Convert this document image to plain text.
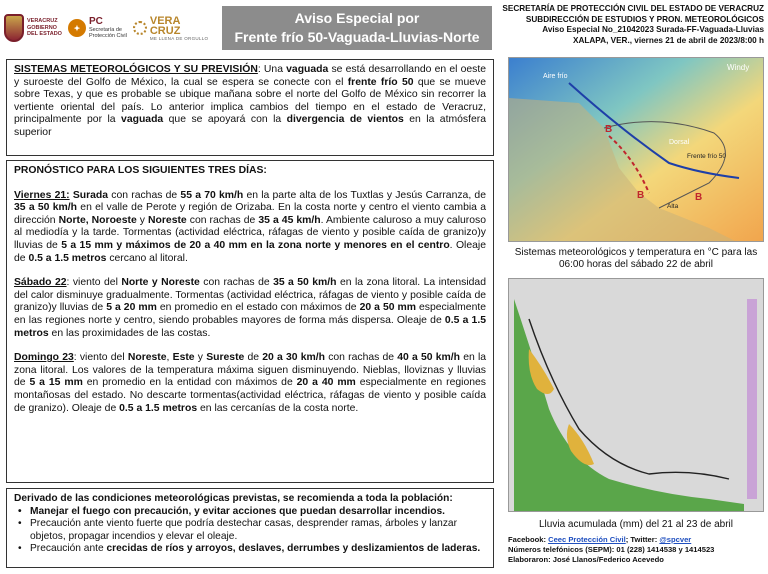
VERACRUZ
GOBIERNO
DEL ESTADO
✦
PC
Secretaría de
Protección Civil
VERA
CRUZ
ME LLENA DE ORGULLO
Aviso Especial por
Frente frío 50-Vaguada-Lluvias-Norte
SECRETARÍA DE PROTECCIÓN CIVIL DEL ESTADO DE VERACRUZ
SUBDIRECCIÓN DE ESTUDIOS Y PRON. METEOROLÓGICOS
Aviso Especial No_21042023 Surada-FF-Vaguada-Lluvias
XALAPA, VER., viernes 21 de abril de 2023/8:00 h
SISTEMAS METEOROLÓGICOS Y SU PREVISIÓN: Una vaguada se está desarrollando en el oeste y suroeste del Golfo de México, la cual se espera se conecte con el frente frío 50 que se mueve sobre Texas, y que es probable se ubique mañana sobre el norte del Golfo de México sin recorrer la vertiente oriental del país. Lo anterior implica cambios del tiempo en el estado de Veracruz, principalmente por la vaguada que se apoyará con la divergencia de vientos en la atmósfera superior
PRONÓSTICO PARA LOS SIGUIENTES TRES DÍAS:
Viernes 21: Surada con rachas de 55 a 70 km/h en la parte alta de los Tuxtlas y Jesús Carranza, de 35 a 50 km/h en el valle de Perote y región de Orizaba. En la costa norte y centro el viento cambia a dirección Norte, Noroeste y Noreste con rachas de 35 a 45 km/h. Ambiente caluroso a muy caluroso al mediodía y la tarde. Tormentas (actividad eléctrica, ráfagas de viento y posible caída de granizo)y lluvias de 5 a 15 mm y máximos de 20 a 40 mm en la zona norte y menores en el centro. Oleaje de 0.5 a 1.5 metros cercano al litoral.
Sábado 22: viento del Norte y Noreste con rachas de 35 a 50 km/h en la zona litoral. La intensidad del calor disminuye gradualmente. Tormentas (actividad eléctrica, ráfagas de viento y posible caída de granizo)y lluvias de 5 a 20 mm en promedio en el estado con máximos de 20 a 50 mm especialmente en las regiones norte y centro, siendo probables mayores de forma más dispersa. Oleaje de 0.5 a 1.5 metros en las proximidades de las costas.
Domingo 23: viento del Noreste, Este y Sureste de 20 a 30 km/h con rachas de 40 a 50 km/h en la zona litoral. Los valores de la temperatura máxima siguen disminuyendo. Nieblas, lloviznas y lluvias de 5 a 15 mm en promedio en la entidad con máximos de 20 a 40 mm especialmente en regiones montañosas del estado. No descarte tormentas(actividad eléctrica, ráfagas de viento y posible caída de granizo). Oleaje de 0.5 a 1.5 metros en las cercanías de la costa norte.
Derivado de las condiciones meteorológicas previstas, se recomienda a toda la población:
• Manejar el fuego con precaución, y evitar acciones que puedan desarrollar incendios.
• Precaución ante viento fuerte que podría destechar casas, desprender ramas, árboles y lanzar objetos, propagar incendios y elevar el oleaje.
• Precaución ante crecidas de ríos y arroyos, deslaves, derrumbes y deslizamientos de laderas.
Windy
Aire frío
Dorsal
Frente frío 50
Alta
B
B	B
Sistemas meteorológicos y temperatura en °C para las 06:00 horas del sábado 22 de abril
Lluvia acumulada (mm) del 21 al 23 de abril
Facebook: Ceec Protección Civil; Twitter: @spcver
Números telefónicos (SEPM): 01 (228) 1414538 y 1414523
Elaboraron: José Llanos/Federico Acevedo
